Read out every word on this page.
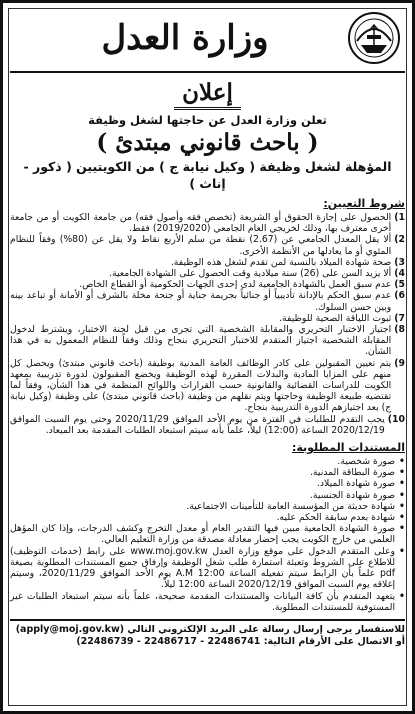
وزارة العدل
إعلان
تعلن وزارة العدل عن حاجتها لشغل وظيفة
( باحث قانوني مبتدئ )
المؤهلة لشغل وظيفة ( وكيل نيابة ج ) من الكويتيين ( ذكور - إناث )
شروط التعيين:
1)
الحصول على إجازة الحقوق أو الشريعة (تخصص فقه وأصول فقه) من جامعة الكويت أو من جامعة أخرى معترف بها، وذلك لخريجي العام الجامعي (2019/2020) فقط.
2)
ألا يقل المعدل الجامعي عن (2.67) نقطة من سلم الأربع نقاط ولا يقل عن (80%) وفقاً للنظام المئوي أو ما يعادلها من الأنظمة الأخرى.
3)
صحة شهادة الميلاد بالنسبة لمن تقدم لشغل هذه الوظيفة.
4)
ألا يزيد السن على (26) سنة ميلادية وقت الحصول على الشهادة الجامعية.
5)
عدم سبق العمل بالشهادة الجامعية لدى إحدى الجهات الحكومية أو القطاع الخاص.
6)
عدم سبق الحكم بالإدانة تأديبياً أو جنائياً بجريمة جناية أو جنحة مخلة بالشرف أو الأمانة أو تباعد بينه وبين حسن السلوك.
7)
ثبوت اللياقة الصحية للوظيفة.
8)
اجتياز الاختبار التحريري والمقابلة الشخصية التي تجرى من قبل لجنة الاختبار، ويشترط لدخول المقابلة الشخصية اجتياز المتقدم للاختبار التحريري بنجاح وذلك وفقاً للنظام المعمول به في هذا الشأن.
9)
يتم تعيين المقبولين على كادر الوظائف العامة المدنية بوظيفة (باحث قانوني مبتدئ) ويحصل كل منهم على المزايا المادية والبدلات المقررة لهذه الوظيفة ويخضع المقبولون لدورة تدريبية بمعهد الكويت للدراسات القضائية والقانونية حسب القرارات واللوائح المنظمة في هذا الشأن، وفقاً لما تقتضيه طبيعة الوظيفة وحاجتها ويتم نقلهم من وظيفة (باحث قانوني مبتدئ) على وظيفة (وكيل نيابة ج) بعد اجتيازهم الدورة التدريبية بنجاح.
10)
يجب التقدم للطلبات في الفترة من يوم الأحد الموافق 2020/11/29 وحتى يوم السبت الموافق 2020/12/19 الساعة (12:00) ليلاً، علماً بأنه سيتم استبعاد الطلبات المقدمة بعد الميعاد.
المستندات المطلوبة:
•
صورة شخصية.
•
صورة البطاقة المدنية.
•
صورة شهادة الميلاد.
•
صورة شهادة الجنسية.
•
شهادة حديثة من المؤسسة العامة للتأمينات الاجتماعية.
•
شهادة بعدم سابقة الحكم عليه.
•
صورة الشهادة الجامعية مبين فيها التقدير العام أو معدل التخرج وكشف الدرجات، وإذا كان المؤهل العلمي من خارج الكويت يجب إحضار معادلة مصدقة من وزارة التعليم العالي.
•
وعلى المتقدم الدخول على موقع وزارة العدل www.moj.gov.kw على رابط (خدمات التوظيف) للاطلاع على الشروط وتعبئة استمارة طلب شغل الوظيفة وإرفاق جميع المستندات المطلوبة بصيغة pdf علماً بأن الرابط سيتم تفعيله الساعة 12:00 A.M يوم الأحد الموافق 2020/11/29، وسيتم إغلاقه يوم السبت الموافق 2020/12/19 الساعة 12:00 ليلاً.
•
يتعهد المتقدم بأن كافة البيانات والمستندات المقدمة صحيحة، علماً بأنه سيتم استبعاد الطلبات غير المستوفية للمستندات المطلوبة.
للاستفسار يرجى إرسال رسالة على البريد الإلكتروني التالي (apply@moj.gov.kw)
أو الاتصال على الأرقام التالية: (22486739 - 22486717 - 22486741
